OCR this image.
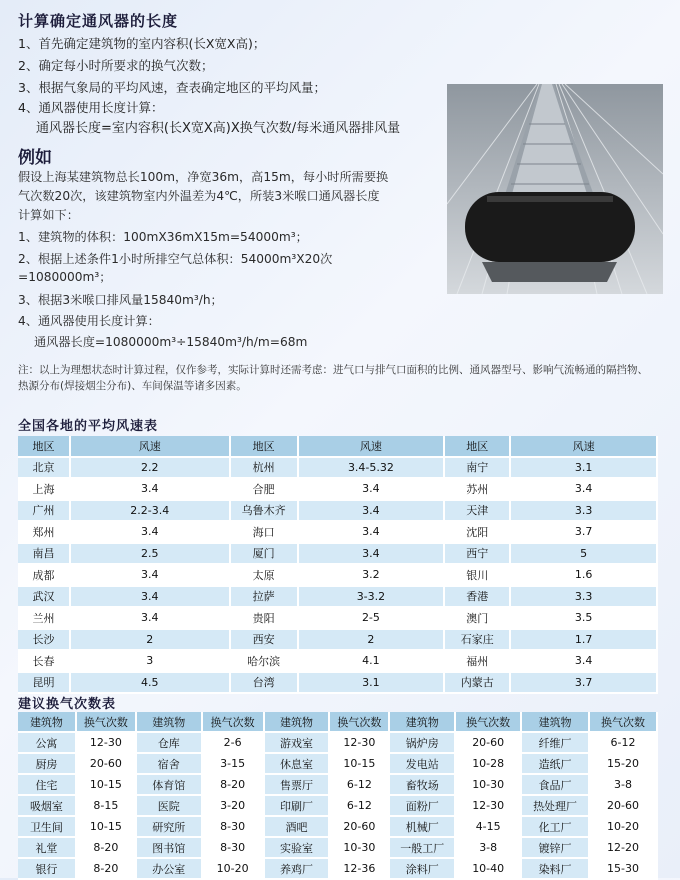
计算确定通风器的长度
1、首先确定建筑物的室内容积(长X宽X高)；
2、确定每小时所要求的换气次数；
3、根据气象局的平均风速，查表确定地区的平均风量；
4、通风器使用长度计算：
通风器长度=室内容积(长X宽X高)X换气次数/每米通风器排风量
例如
假设上海某建筑物总长100m，净宽36m，高15m，每小时所需要换
气次数20次，该建筑物室内外温差为4℃，所装3米喉口通风器长度
计算如下：
1、建筑物的体积：100mX36mX15m=54000m³；
2、根据上述条件1小时所排空气总体积：54000m³X20次
=1080000m³；
3、根据3米喉口排风量15840m³/h；
4、通风器使用长度计算：
通风器长度=1080000m³÷15840m³/h/m=68m
注：以上为理想状态时计算过程，仅作参考，实际计算时还需考虑：进气口与排气口面积的比例、通风器型号、影响气流畅通的隔挡物、热源分布(焊接烟尘分布)、车间保温等诸多因素。
全国各地的平均风速表
地区	风速	地区	风速	地区	风速
北京	2.2	杭州	3.4-5.32	南宁	3.1
上海	3.4	合肥	3.4	苏州	3.4
广州	2.2-3.4	乌鲁木齐	3.4	天津	3.3
郑州	3.4	海口	3.4	沈阳	3.7
南昌	2.5	厦门	3.4	西宁	5
成都	3.4	太原	3.2	银川	1.6
武汉	3.4	拉萨	3-3.2	香港	3.3
兰州	3.4	贵阳	2-5	澳门	3.5
长沙	2	西安	2	石家庄	1.7
长春	3	哈尔滨	4.1	福州	3.4
昆明	4.5	台湾	3.1	内蒙古	3.7
建议换气次数表
建筑物	换气次数	建筑物	换气次数	建筑物	换气次数	建筑物	换气次数	建筑物	换气次数
公寓	12-30	仓库	2-6	游戏室	12-30	锅炉房	20-60	纤维厂	6-12
厨房	20-60	宿舍	3-15	休息室	10-15	发电站	10-28	造纸厂	15-20
住宅	10-15	体育馆	8-20	售票厅	6-12	畜牧场	10-30	食品厂	3-8
吸烟室	8-15	医院	3-20	印刷厂	6-12	面粉厂	12-30	热处理厂	20-60
卫生间	10-15	研究所	8-30	酒吧	20-60	机械厂	4-15	化工厂	10-20
礼堂	8-20	图书馆	8-30	实验室	10-30	一般工厂	3-8	镀锌厂	12-20
银行	8-20	办公室	10-20	养鸡厂	12-36	涂料厂	10-40	染料厂	15-30
